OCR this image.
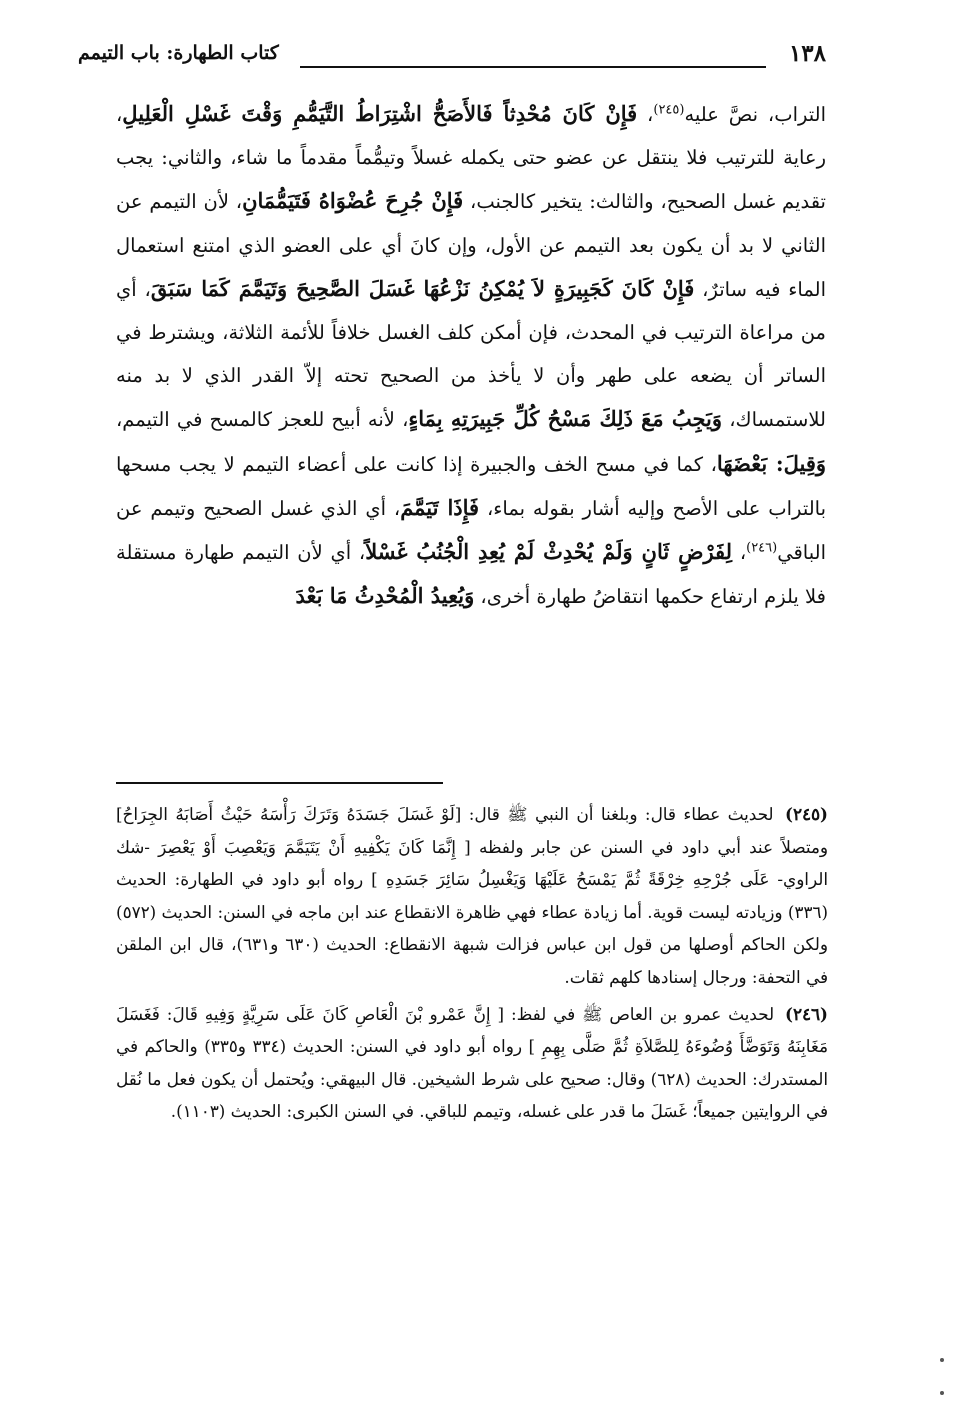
١٣٨
كتاب الطهارة: باب التيمم

التراب، نصَّ عليه$^{(٢٤٥)}$، فَإِنْ كَانَ مُحْدِثاً فَالأَصَحُّ اشْتِرَاطُ التَّيَمُّمِ وَقْتَ غَسْلِ الْعَلِيلِ، رعاية للترتيب فلا ينتقل عن عضو حتى يكمله غسلاً وتيمُّماً مقدماً ما شاء، والثاني: يجب تقديم غسل الصحيح، والثالث: يتخير كالجنب، فَإِنْ جُرِحَ عُضْوَاهُ فَتَيَمُّمَانِ، لأن التيمم عن الثاني لا بد أن يكون بعد التيمم عن الأول، وإن كانَ أي على العضو الذي امتنع استعمال الماء فيه ساترٌ، فَإِنْ كَانَ كَجَبِيرَةٍ لاَ يُمْكِنُ نَزْعُهَا غَسَلَ الصَّحِيحَ وَتَيَمَّمَ كَمَا سَبَقَ، أي من مراعاة الترتيب في المحدث، فإن أمكن كلف الغسل خلافاً للأئمة الثلاثة، ويشترط في الساتر أن يضعه على طهر وأن لا يأخذ من الصحيح تحته إلاّ القدر الذي لا بد منه للاستمساك، وَيَجِبُ مَعَ ذَلِكَ مَسْحُ كُلِّ جَبِيرَتِهِ بِمَاءٍ، لأنه أبيح للعجز كالمسح في التيمم، وَقِيلَ: بَعْضَهَا، كما في مسح الخف والجبيرة إذا كانت على أعضاء التيمم لا يجب مسحها بالتراب على الأصح وإليه أشار بقوله بماء، فَإِذَا تَيَمَّمَ، أي الذي غسل الصحيح وتيمم عن الباقي$^{(٢٤٦)}$، لِفَرْضٍ ثَانٍ وَلَمْ يُحْدِثْ لَمْ يُعِدِ الْجُنُبُ غَسْلاً، أي لأن التيمم طهارة مستقلة فلا يلزم ارتفاع حكمها انتقاضُ طهارة أخرى، وَيُعِيدُ الْمُحْدِثُ مَا بَعْدَ

(٢٤٥) لحديث عطاء قال: وبلغنا أن النبي ﷺ قال: [لَوْ غَسَلَ جَسَدَهُ وَتَرَكَ رَأْسَهُ حَيْثُ أَصَابَهُ الجِرَاحُ] ومتصلاً عند أبي داود في السنن عن جابر ولفظه [ إِنَّمَا كَانَ يَكْفِيهِ أَنْ يَتَيَمَّمَ وَيَعْصِبَ أَوْ يَعْصِرَ -شك الراوي- عَلَى جُرْحِهِ خِرْقَةً ثُمَّ يَمْسَحُ عَلَيْهَا وَيَغْسِلُ سَائِرَ جَسَدِهِ ] رواه أبو داود في الطهارة: الحديث (٣٣٦) وزيادته ليست قوية. أما زيادة عطاء فهي ظاهرة الانقطاع عند ابن ماجه في السنن: الحديث (٥٧٢) ولكن الحاكم أوصلها من قول ابن عباس فزالت شبهة الانقطاع: الحديث (٦٣٠ و٦٣١)، قال ابن الملقن في التحفة: ورجال إسنادها كلهم ثقات.

(٢٤٦) لحديث عمرو بن العاص ﷺ في لفظ: [ إِنَّ عَمْرو بْنَ الْعَاصِ كَانَ عَلَى سَرِيَّةٍ وَفِيهِ قَالَ: فَغَسَلَ مَغَابِنَهُ وَتَوَضَّأَ وُضُوءَهُ لِلصَّلاَةِ ثُمَّ صَلَّى بِهِمِ ] رواه أبو داود في السنن: الحديث (٣٣٤ و٣٣٥) والحاكم في المستدرك: الحديث (٦٢٨) وقال: صحيح على شرط الشيخين. قال البيهقي: ويُحتمل أن يكون فعل ما نُقل في الروايتين جميعاً؛ غَسَلَ ما قدر على غسله، وتيمم للباقي. في السنن الكبرى: الحديث (١١٠٣).
